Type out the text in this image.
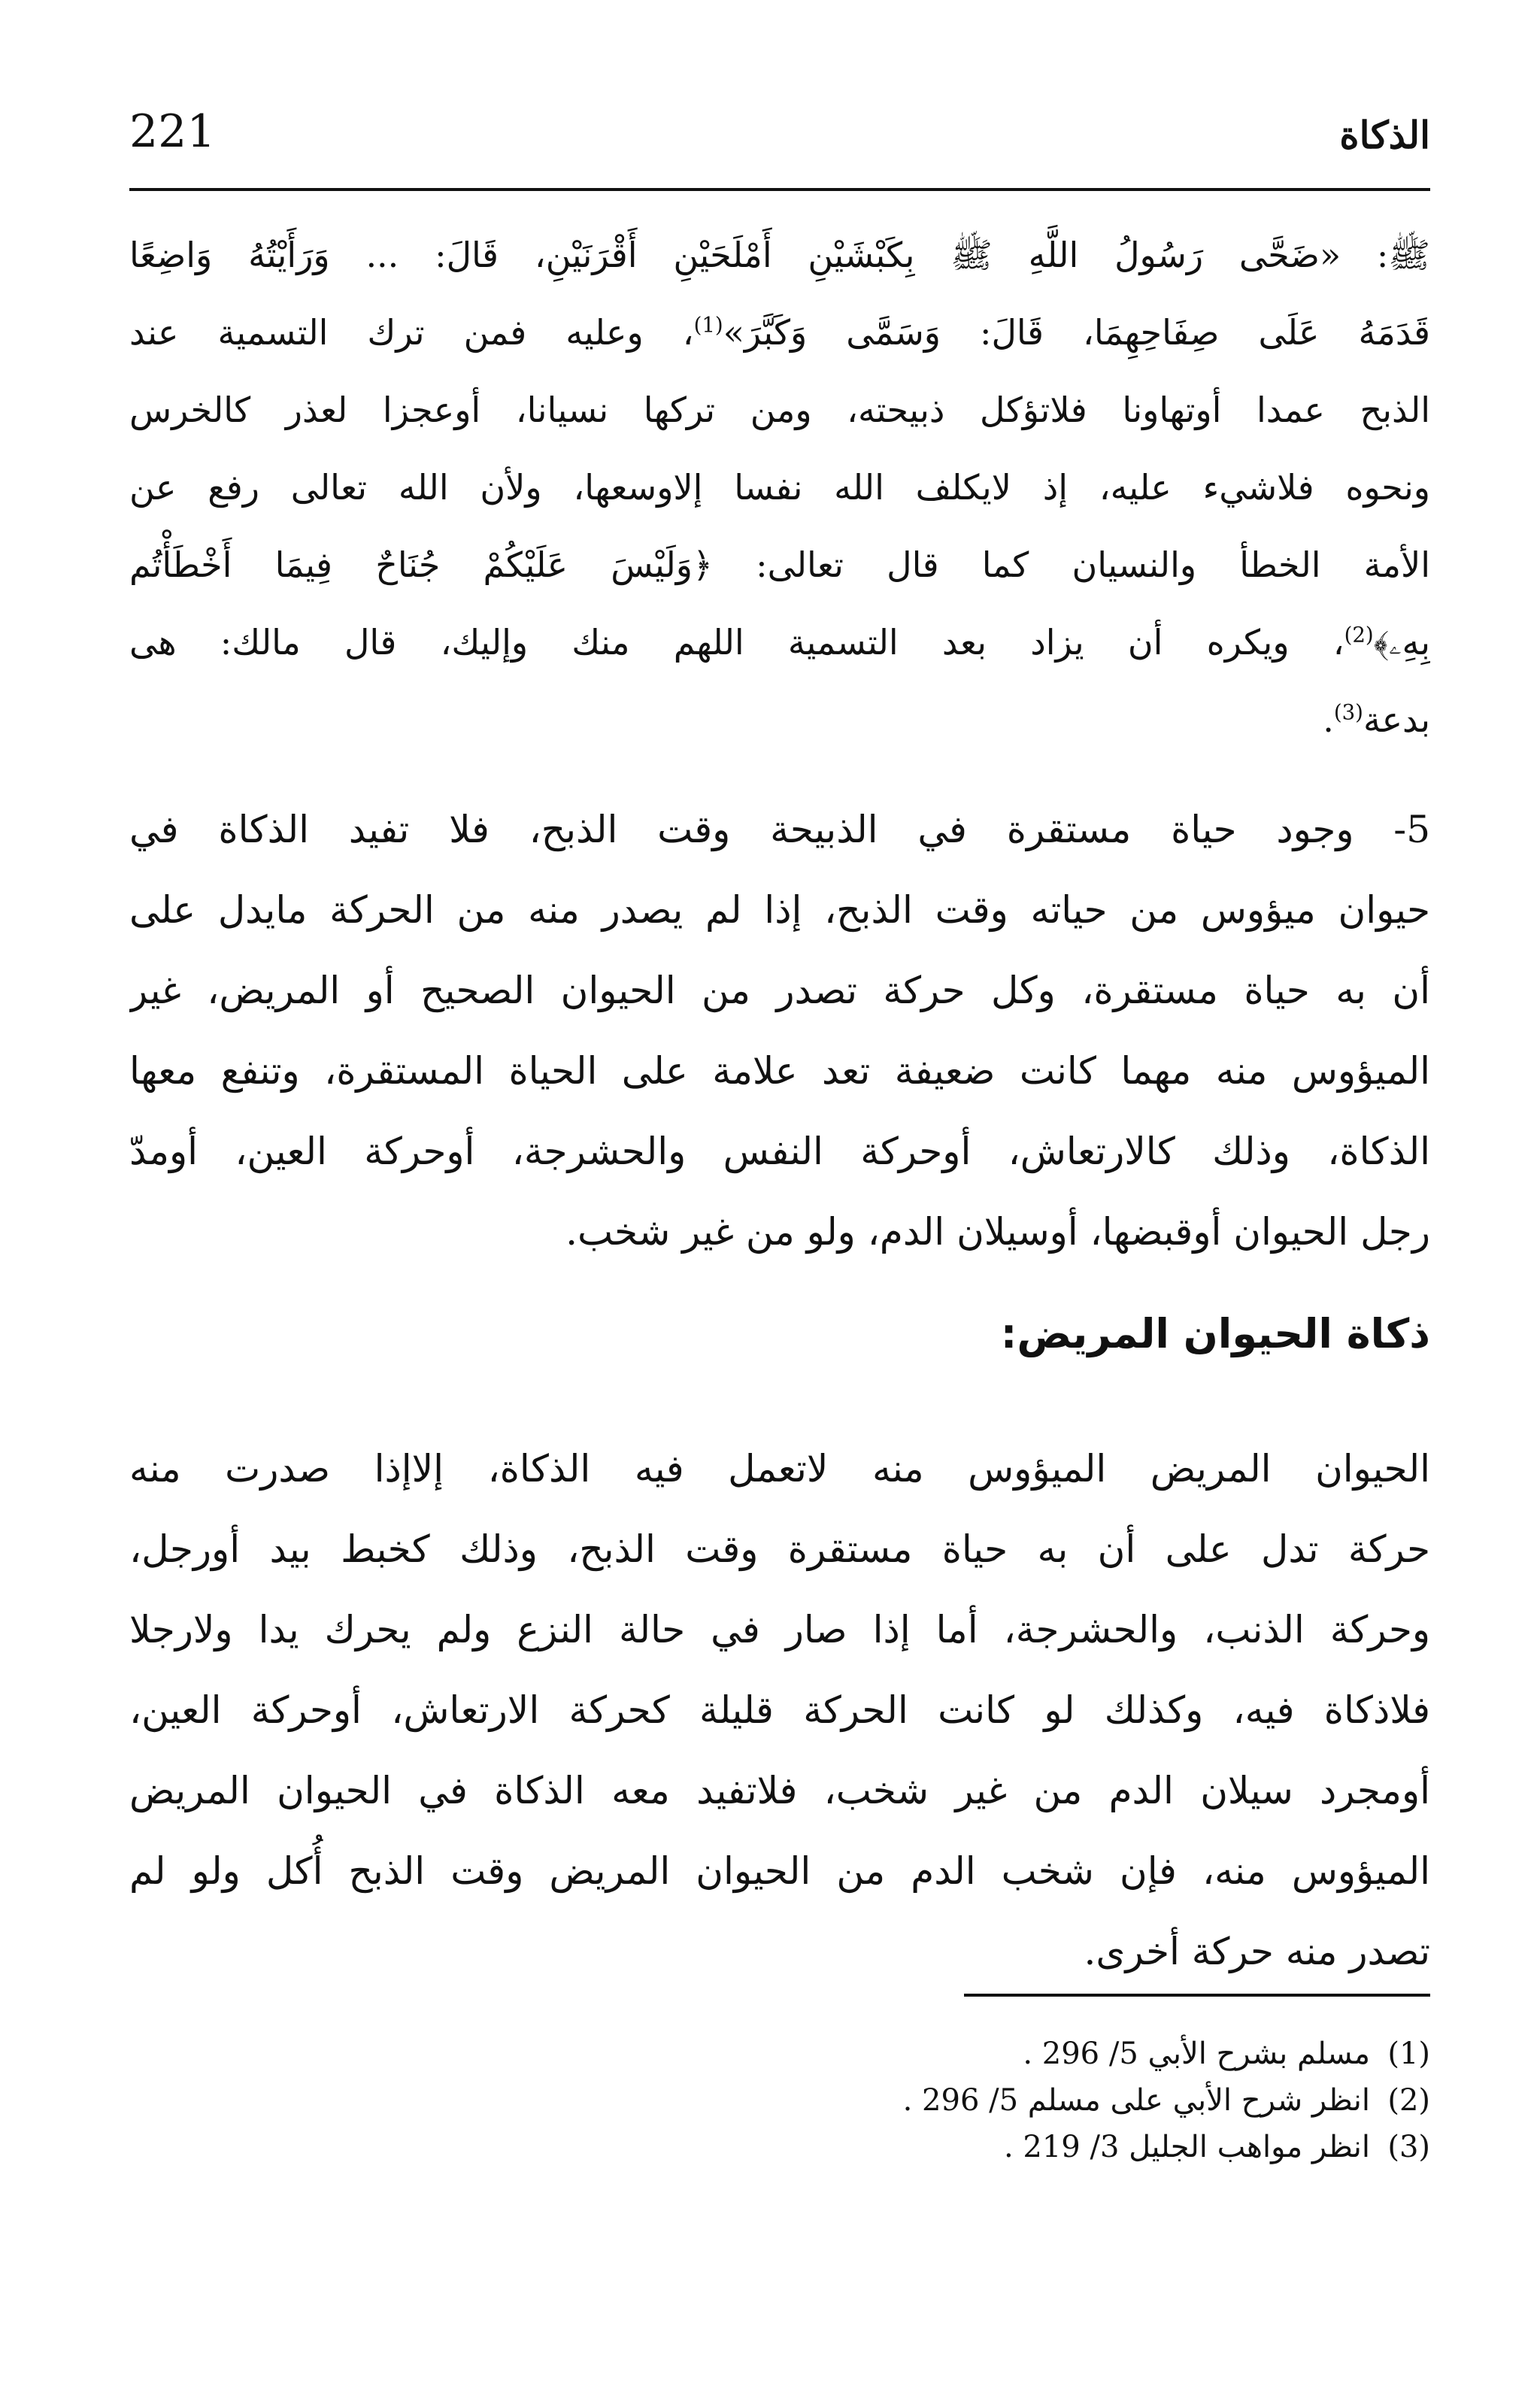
الذكاة
221
ﷺ: «ضَحَّى رَسُولُ اللَّهِ ﷺ بِكَبْشَيْنِ أَمْلَحَيْنِ أَقْرَنَيْنِ، قَالَ: ... وَرَأَيْتُهُ وَاضِعًا
قَدَمَهُ عَلَى صِفَاحِهِمَا، قَالَ: وَسَمَّى وَكَبَّرَ»$^{(1)}$، وعليه فمن ترك التسمية عند
الذبح عمدا أوتهاونا فلاتؤكل ذبيحته، ومن تركها نسيانا، أوعجزا لعذر كالخرس
ونحوه فلاشيء عليه، إذ لايكلف الله نفسا إلاوسعها، ولأن الله تعالى رفع عن
الأمة الخطأ والنسيان كما قال تعالى: ﴿وَلَيْسَ عَلَيْكُمْ جُنَاحٌ فِيمَا أَخْطَأْتُم
بِهِۦ﴾$^{(2)}$، ويكره أن يزاد بعد التسمية اللهم منك وإليك، قال مالك: هى
بدعة$^{(3)}$.
5- وجود حياة مستقرة في الذبيحة وقت الذبح، فلا تفيد الذكاة في
حيوان ميؤوس من حياته وقت الذبح، إذا لم يصدر منه من الحركة مايدل على
أن به حياة مستقرة، وكل حركة تصدر من الحيوان الصحيح أو المريض، غير
الميؤوس منه مهما كانت ضعيفة تعد علامة على الحياة المستقرة، وتنفع معها
الذكاة، وذلك كالارتعاش، أوحركة النفس والحشرجة، أوحركة العين، أومدّ
رجل الحيوان أوقبضها، أوسيلان الدم، ولو من غير شخب.
ذكاة الحيوان المريض:
الحيوان المريض الميؤوس منه لاتعمل فيه الذكاة، إلاإذا صدرت منه
حركة تدل على أن به حياة مستقرة وقت الذبح، وذلك كخبط بيد أورجل،
وحركة الذنب، والحشرجة، أما إذا صار في حالة النزع ولم يحرك يدا ولارجلا
فلاذكاة فيه، وكذلك لو كانت الحركة قليلة كحركة الارتعاش، أوحركة العين،
أومجرد سيلان الدم من غير شخب، فلاتفيد معه الذكاة في الحيوان المريض
الميؤوس منه، فإن شخب الدم من الحيوان المريض وقت الذبح أُكل ولو لم
تصدر منه حركة أخرى.
(1)
مسلم بشرح الأبي 5/ 296 .
(2)
انظر شرح الأبي على مسلم 5/ 296 .
(3)
انظر مواهب الجليل 3/ 219 .
